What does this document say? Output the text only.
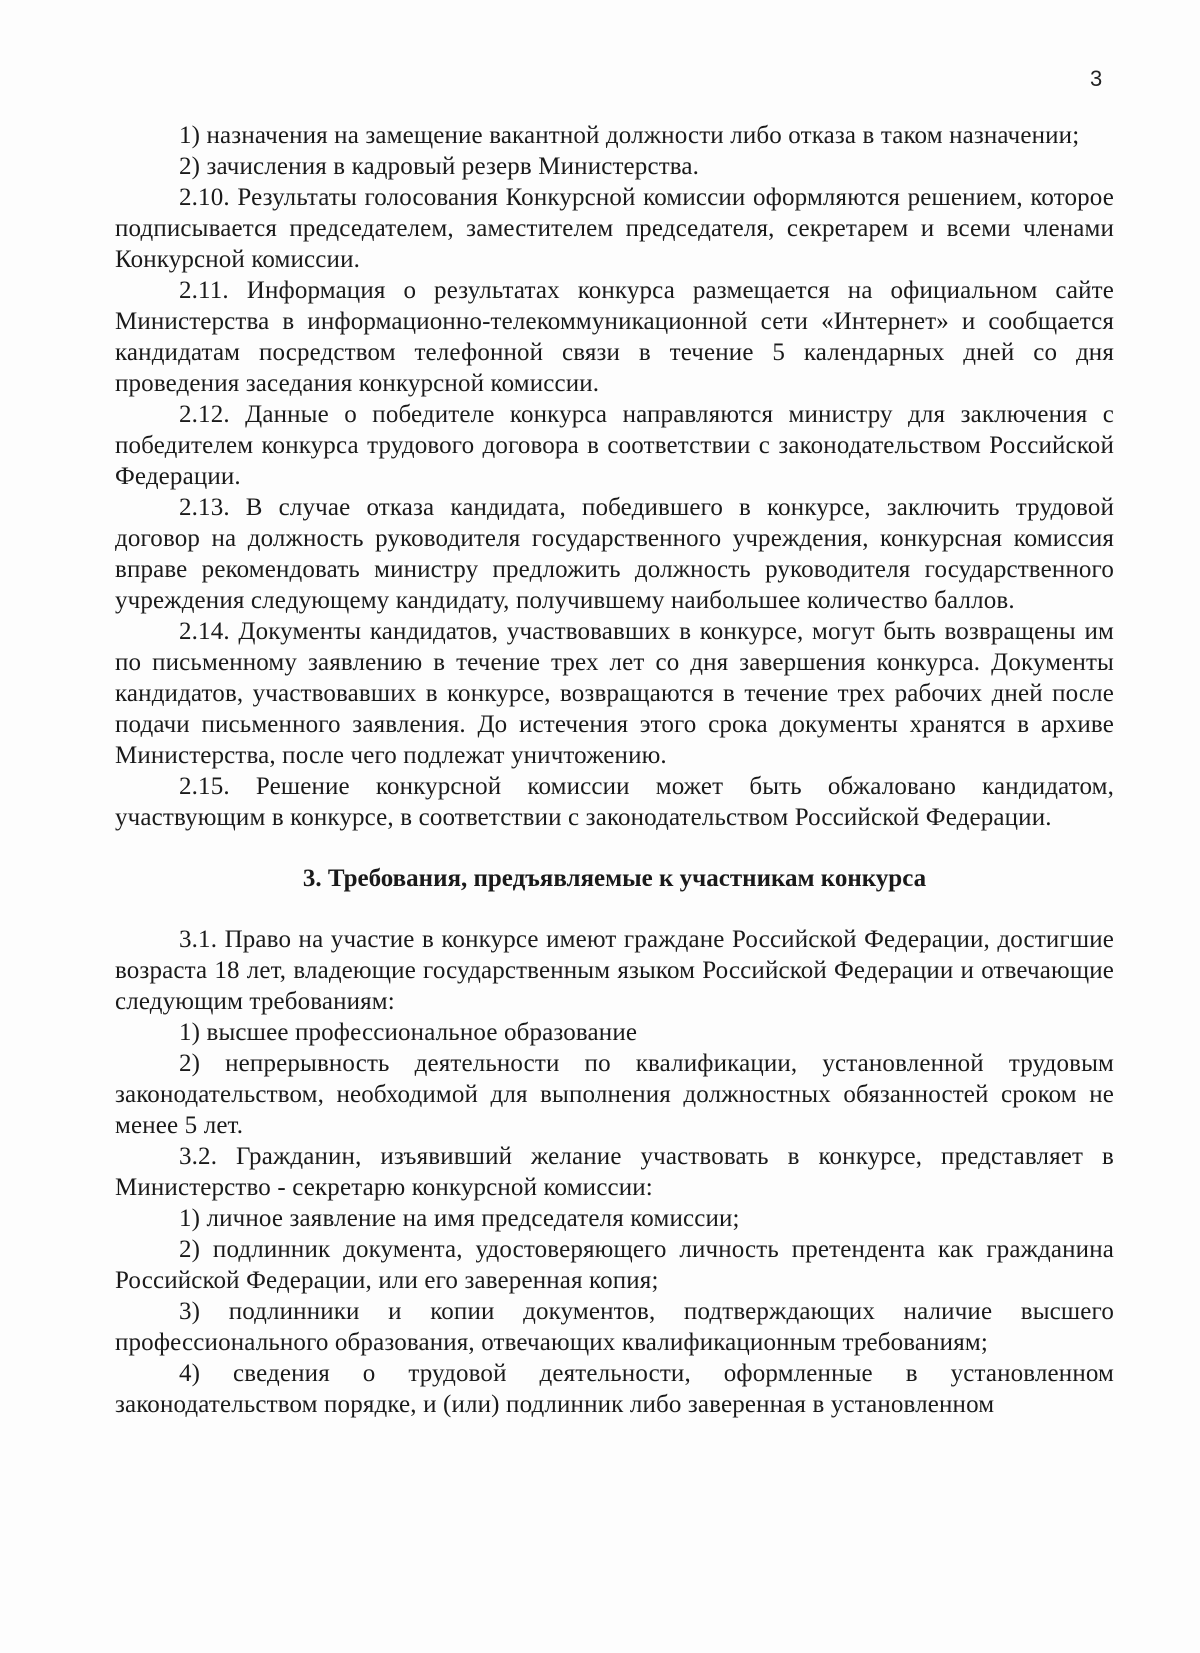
3

1) назначения на замещение вакантной должности либо отказа в таком назначении;

2) зачисления в кадровый резерв Министерства.

2.10. Результаты голосования Конкурсной комиссии оформляются решением, которое подписывается председателем, заместителем председателя, секретарем и всеми членами Конкурсной комиссии.

2.11. Информация о результатах конкурса размещается на официальном сайте Министерства в информационно-телекоммуникационной сети «Интернет» и сообщается кандидатам посредством телефонной связи в течение 5 календарных дней со дня проведения заседания конкурсной комиссии.

2.12. Данные о победителе конкурса направляются министру для заключения с победителем конкурса трудового договора в соответствии с законодательством Российской Федерации.

2.13. В случае отказа кандидата, победившего в конкурсе, заключить трудовой договор на должность руководителя государственного учреждения, конкурсная комиссия вправе рекомендовать министру предложить должность руководителя государственного учреждения следующему кандидату, получившему наибольшее количество баллов.

2.14. Документы кандидатов, участвовавших в конкурсе, могут быть возвращены им по письменному заявлению в течение трех лет со дня завершения конкурса. Документы кандидатов, участвовавших в конкурсе, возвращаются в течение трех рабочих дней после подачи письменного заявления. До истечения этого срока документы хранятся в архиве Министерства, после чего подлежат уничтожению.

2.15. Решение конкурсной комиссии может быть обжаловано кандидатом, участвующим в конкурсе, в соответствии с законодательством Российской Федерации.

3. Требования, предъявляемые к участникам конкурса

3.1. Право на участие в конкурсе имеют граждане Российской Федерации, достигшие возраста 18 лет, владеющие государственным языком Российской Федерации и отвечающие следующим требованиям:

1) высшее профессиональное образование

2) непрерывность деятельности по квалификации, установленной трудовым законодательством, необходимой для выполнения должностных обязанностей сроком не менее 5 лет.

3.2. Гражданин, изъявивший желание участвовать в конкурсе, представляет в Министерство - секретарю конкурсной комиссии:

1) личное заявление на имя председателя комиссии;

2) подлинник документа, удостоверяющего личность претендента как гражданина Российской Федерации, или его заверенная копия;

3) подлинники и копии документов, подтверждающих наличие высшего профессионального образования, отвечающих квалификационным требованиям;

4) сведения о трудовой деятельности, оформленные в установленном законодательством порядке, и (или) подлинник либо заверенная в установленном
